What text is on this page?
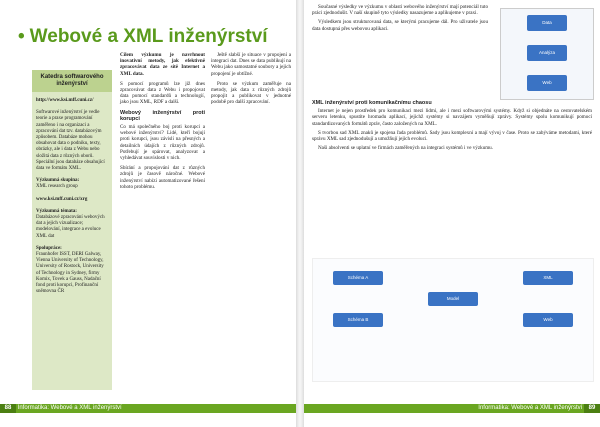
• Webové a XML inženýrství
Katedra softwarového inženýrství
http://www.ksi.mff.cuni.cz/
Softwarové inženýrství je vedle teorie a praxe programování zaměřeno i na organizaci a zpracování dat tzv. databázovým způsobem. Databáze mohou obsahovat data o podniku, texty, obrázky, ale i data z Webu nebo složitá data z různých oborů. Speciální jsou databáze obsahující data ve formátu XML.
Výzkumná skupina:
XML research group
www.ksi.mff.cuni.cz/xrg
Výzkumná témata:
Databázové zpracování webových dat a jejich vizualizace; modelování, integrace a evoluce XML dat
Spolupráce:
Fraunhofer ISST, DERI Galway, Vienna University of Technology, University of Rostock, University of Technology in Sydney, firmy Komix, Tovek a Gauss, Nadační fond proti korupci, Profinanční sněmovna ČR

Cílem výzkumu je navrhnout inovativní metody, jak efektivně zpracovávat data ze sítě Internet a XML data.

S pomocí programů lze již dnes zpracovávat data z Webu i propojovat data pomocí standardů a technologií, jako jsou XML, RDF a další.

Webový inženýrství proti korupci

Co má společného boj proti korupci a webové inženýrství? Lidé, kteří bojují proti korupci, jsou závislí na přesných a detailních údajích z různých zdrojů. Potřebují je spárovat, analyzovat a vyhledávat souvislosti v nich.

Sbírání a propojování dat z různých zdrojů je časově náročné. Webové inženýrství nabízí automatizované řešení tohoto problému.

Ještě slabší je situace v propojení a integraci dat. Dnes se data publikují na Webu jako samostatné soubory a jejich propojení je obtížné.

Proto se výzkum zaměřuje na metody, jak data z různých zdrojů propojit a publikovat v jednotné podobě pro další zpracování.

88 Informatika: Webové a XML inženýrství

Současné výsledky ve výzkumu v oblasti webového inženýrství mají potenciál tuto práci zjednodušit. V naší skupině tyto výsledky nasazujeme a aplikujeme v praxi.

Výsledkem jsou strukturovaná data, se kterými pracujeme dál. Pro uživatele jsou data dostupná přes webovou aplikaci.

Data
Analýza
Web
XML inženýrství proti komunikačnímu chaosu

Internet je nejen prostředek pro komunikaci mezi lidmi, ale i mezi softwarovými systémy. Když si objednáte na cestovatelském serveru letenku, spustíte hromadu aplikací, jejichž systémy si navzájem vyměňují zprávy. Systémy spolu komunikují pomocí standardizovaných formátů zpráv, často založených na XML.

S tvorbou sad XML znaků je spojena řada problémů. Sady jsou komplexní a mají vývoj v čase. Proto se zabýváme metodami, které správu XML sad zjednodušují a umožňují jejich evoluci.

Naši absolventi se uplatní ve firmách zaměřených na integraci systémů i ve výzkumu.

Schéma A
Schéma B
Model
XML
Web
Informatika: Webové a XML inženýrství 89
